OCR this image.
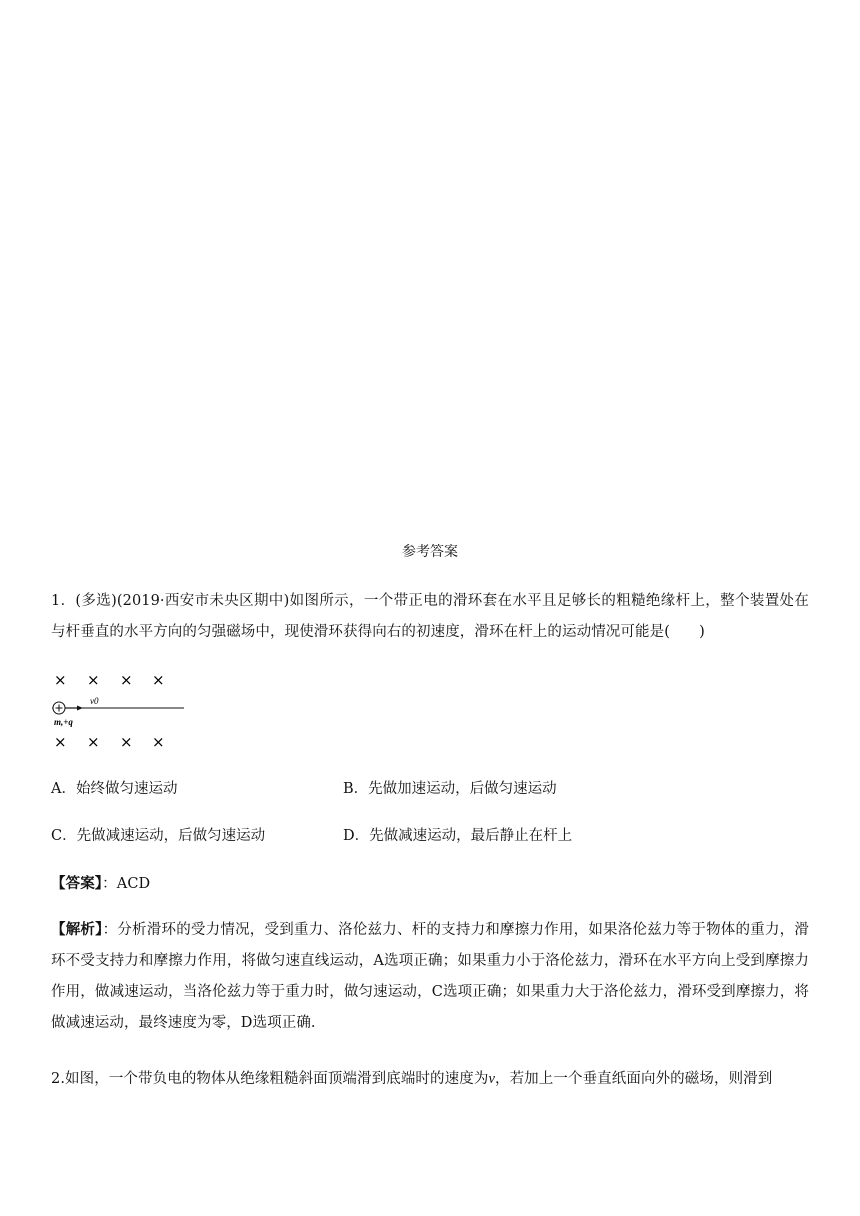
参考答案
1．(多选)(2019·西安市未央区期中)如图所示，一个带正电的滑环套在水平且足够长的粗糙绝缘杆上，整个装置处在与杆垂直的水平方向的匀强磁场中，现使滑环获得向右的初速度，滑环在杆上的运动情况可能是(　　)
× × × ×
v0
m,+q
× × × ×
A．始终做匀速运动	B．先做加速运动，后做匀速运动
C．先做减速运动，后做匀速运动	D．先做减速运动，最后静止在杆上
【答案】：ACD
【解析】：分析滑环的受力情况，受到重力、洛伦兹力、杆的支持力和摩擦力作用，如果洛伦兹力等于物体的重力，滑环不受支持力和摩擦力作用，将做匀速直线运动，A选项正确；如果重力小于洛伦兹力，滑环在水平方向上受到摩擦力作用，做减速运动，当洛伦兹力等于重力时，做匀速运动，C选项正确；如果重力大于洛伦兹力，滑环受到摩擦力，将做减速运动，最终速度为零，D选项正确.
2.如图，一个带负电的物体从绝缘粗糙斜面顶端滑到底端时的速度为v，若加上一个垂直纸面向外的磁场，则滑到
